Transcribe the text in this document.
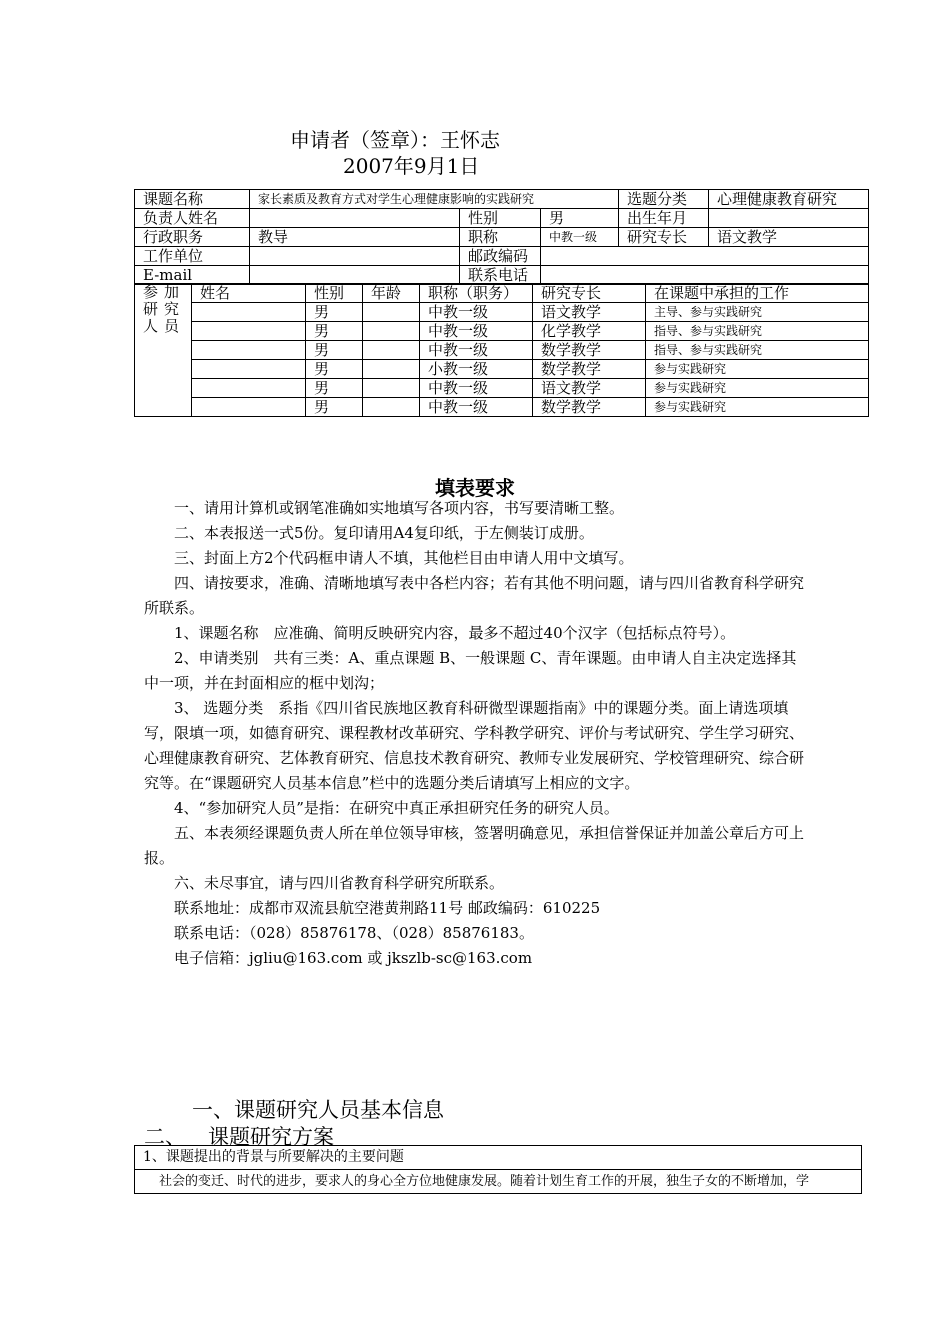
申请者（签章）：王怀志
2007年9月1日
课题名称	家长素质及教育方式对学生心理健康影响的实践研究			选题分类	心理健康教育研究
负责人姓名		性别	男	出生年月	
行政职务	教导	职称	中教一级	研究专长	语文教学
工作单位		邮政编码			
E-mail		联系电话			
参加研究人员	姓名	性别	年龄	职称（职务）	研究专长	在课题中承担的工作
		男		中教一级	语文教学	主导、参与实践研究
		男		中教一级	化学教学	指导、参与实践研究
		男		中教一级	数学教学	指导、参与实践研究
		男		小教一级	数学教学	参与实践研究
		男		中教一级	语文教学	参与实践研究
		男		中教一级	数学教学	参与实践研究
填表要求

一、请用计算机或钢笔准确如实地填写各项内容，书写要清晰工整。

二、本表报送一式5份。复印请用A4复印纸，于左侧装订成册。

三、封面上方2个代码框申请人不填，其他栏目由申请人用中文填写。

四、请按要求，准确、清晰地填写表中各栏内容；若有其他不明问题，请与四川省教育科学研究所联系。

1、课题名称　应准确、简明反映研究内容，最多不超过40个汉字（包括标点符号）。

2、申请类别　共有三类：A、重点课题 B、一般课题 C、青年课题。由申请人自主决定选择其中一项，并在封面相应的框中划沟；

3、 选题分类　系指《四川省民族地区教育科研微型课题指南》中的课题分类。面上请选项填写，限填一项，如德育研究、课程教材改革研究、学科教学研究、评价与考试研究、学生学习研究、心理健康教育研究、艺体教育研究、信息技术教育研究、教师专业发展研究、学校管理研究、综合研究等。在“课题研究人员基本信息”栏中的选题分类后请填写上相应的文字。

4、“参加研究人员”是指：在研究中真正承担研究任务的研究人员。

五、本表须经课题负责人所在单位领导审核，签署明确意见，承担信誉保证并加盖公章后方可上报。

六、未尽事宜，请与四川省教育科学研究所联系。

联系地址：成都市双流县航空港黄荆路11号 邮政编码：610225

联系电话：（028）85876178、（028）85876183。

电子信箱：jgliu@163.com 或 jkszlb-sc@163.com

一、课题研究人员基本信息
二、 课题研究方案
1、课题提出的背景与所要解决的主要问题
社会的变迁、时代的进步，要求人的身心全方位地健康发展。随着计划生育工作的开展，独生子女的不断增加，学
